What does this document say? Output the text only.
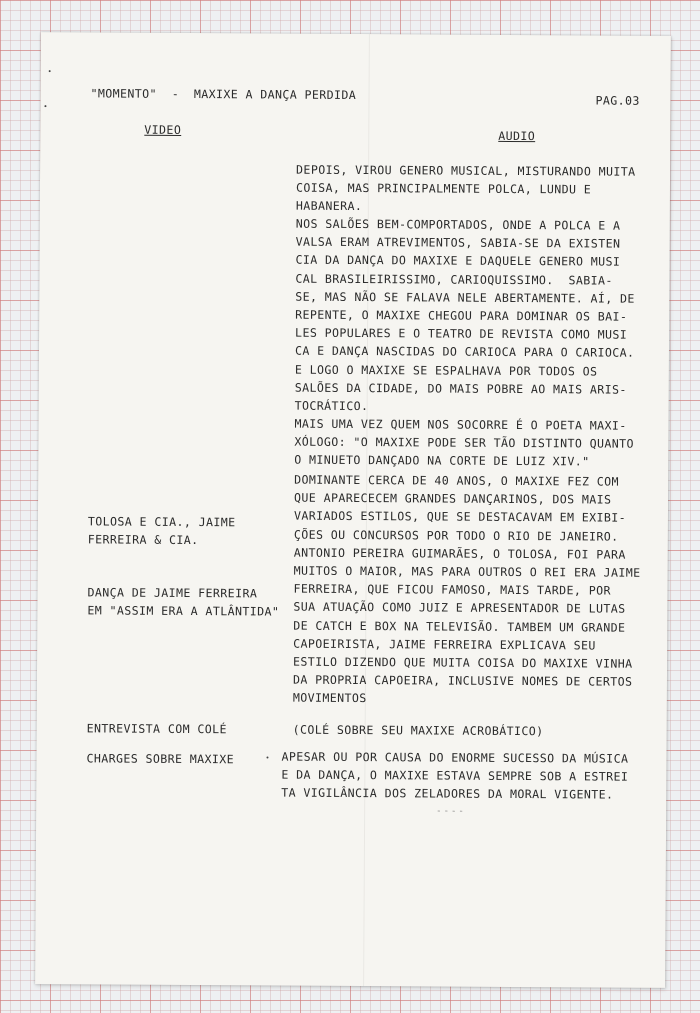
"MOMENTO"  -  MAXIXE A DANÇA PERDIDA	PAG.03
VIDEO	AUDIO
DEPOIS, VIROU GENERO MUSICAL, MISTURANDO MUITA
COISA, MAS PRINCIPALMENTE POLCA, LUNDU E
HABANERA.
NOS SALÕES BEM-COMPORTADOS, ONDE A POLCA E A
VALSA ERAM ATREVIMENTOS, SABIA-SE DA EXISTEN
CIA DA DANÇA DO MAXIXE E DAQUELE GENERO MUSI
CAL BRASILEIRISSIMO, CARIOQUISSIMO.  SABIA-
SE, MAS NÃO SE FALAVA NELE ABERTAMENTE. AÍ, DE
REPENTE, O MAXIXE CHEGOU PARA DOMINAR OS BAI-
LES POPULARES E O TEATRO DE REVISTA COMO MUSI
CA E DANÇA NASCIDAS DO CARIOCA PARA O CARIOCA.
E LOGO O MAXIXE SE ESPALHAVA POR TODOS OS
SALÕES DA CIDADE, DO MAIS POBRE AO MAIS ARIS-
TOCRÁTICO.
MAIS UMA VEZ QUEM NOS SOCORRE É O POETA MAXI-
XÓLOGO: "O MAXIXE PODE SER TÃO DISTINTO QUANTO
O MINUETO DANÇADO NA CORTE DE LUIZ XIV."
DOMINANTE CERCA DE 40 ANOS, O MAXIXE FEZ COM
QUE APARECECEM GRANDES DANÇARINOS, DOS MAIS
VARIADOS ESTILOS, QUE SE DESTACAVAM EM EXIBI-
ÇÕES OU CONCURSOS POR TODO O RIO DE JANEIRO.
ANTONIO PEREIRA GUIMARÃES, O TOLOSA, FOI PARA
MUITOS O MAIOR, MAS PARA OUTROS O REI ERA JAIME
FERREIRA, QUE FICOU FAMOSO, MAIS TARDE, POR
SUA ATUAÇÃO COMO JUIZ E APRESENTADOR DE LUTAS
DE CATCH E BOX NA TELEVISÃO. TAMBEM UM GRANDE
CAPOEIRISTA, JAIME FERREIRA EXPLICAVA SEU
ESTILO DIZENDO QUE MUITA COISA DO MAXIXE VINHA
DA PROPRIA CAPOEIRA, INCLUSIVE NOMES DE CERTOS
MOVIMENTOS
(COLÉ SOBRE SEU MAXIXE ACROBÁTICO)
APESAR OU POR CAUSA DO ENORME SUCESSO DA MÚSICA
E DA DANÇA, O MAXIXE ESTAVA SEMPRE SOB A ESTREI
TA VIGILÂNCIA DOS ZELADORES DA MORAL VIGENTE.
TOLOSA E CIA., JAIME
FERREIRA & CIA.
DANÇA DE JAIME FERREIRA
EM "ASSIM ERA A ATLÂNTIDA"
ENTREVISTA COM COLÉ
CHARGES SOBRE MAXIXE
----
